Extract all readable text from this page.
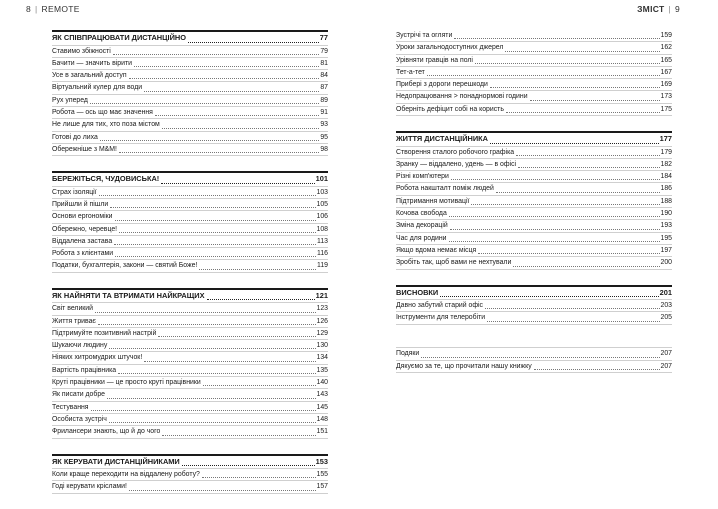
8 | REMOTE	ЗМІСТ | 9
ЯК СПІВПРАЦЮВАТИ ДИСТАНЦІЙНО	77
Ставимо збіжності	79
Бачити — значить вірити	81
Усе в загальний доступ	84
Віртуальний кулер для води	87
Рух уперед	89
Робота — ось що має значення	91
Не лише для тих, хто поза містом	93
Готові до лиха	95
Обережніше з M&M!	98
БЕРЕЖІТЬСЯ, ЧУДОВИСЬКА!	101
Страх ізоляції	103
Прийшли й пішли	105
Основи ергономіки	106
Обережно, черевце!	108
Віддалена застава	113
Робота з клієнтами	116
Податки, бухгалтерія, закони — святий Боже!	119
ЯК НАЙНЯТИ ТА ВТРИМАТИ НАЙКРАЩИХ	121
Світ великий	123
Життя триває	126
Підтримуйте позитивний настрій	129
Шукаючи людину	130
Ніяких хитромудрих штучок!	134
Вартість працівника	135
Круті працівники — це просто круті працівники	140
Як писати добре	143
Тестування	145
Особиста зустріч	148
Фрилансери знають, що й до чого	151
ЯК КЕРУВАТИ ДИСТАНЦІЙНИКАМИ	153
Коли краще переходити на віддалену роботу?	155
Годі керувати кріслами!	157
Зустрічі та огляти	159
Уроки загальнодоступних джерел	162
Урівняти гравців на полі	165
Тет-а-тет	167
Прибері з дороги перешкоди	169
Недопрацювання > понаднормові години	173
Оберніть дефіцит собі на користь	175
ЖИТТЯ ДИСТАНЦІЙНИКА	177
Створення сталого робочого графіка	179
Зранку — віддалено, удень — в офісі	182
Різні комп'ютери	184
Робота накшталт поміж людей	186
Підтримання мотивації	188
Кочова свобода	190
Зміна декорацій	193
Час для родини	195
Якщо вдома немає місця	197
Зробіть так, щоб вами не нехтували	200
ВИСНОВКИ	201
Давно забутий старий офіс	203
Інструменти для телеробіти	205
Подяки	207
Дякуємо за те, що прочитали нашу книжку	207
